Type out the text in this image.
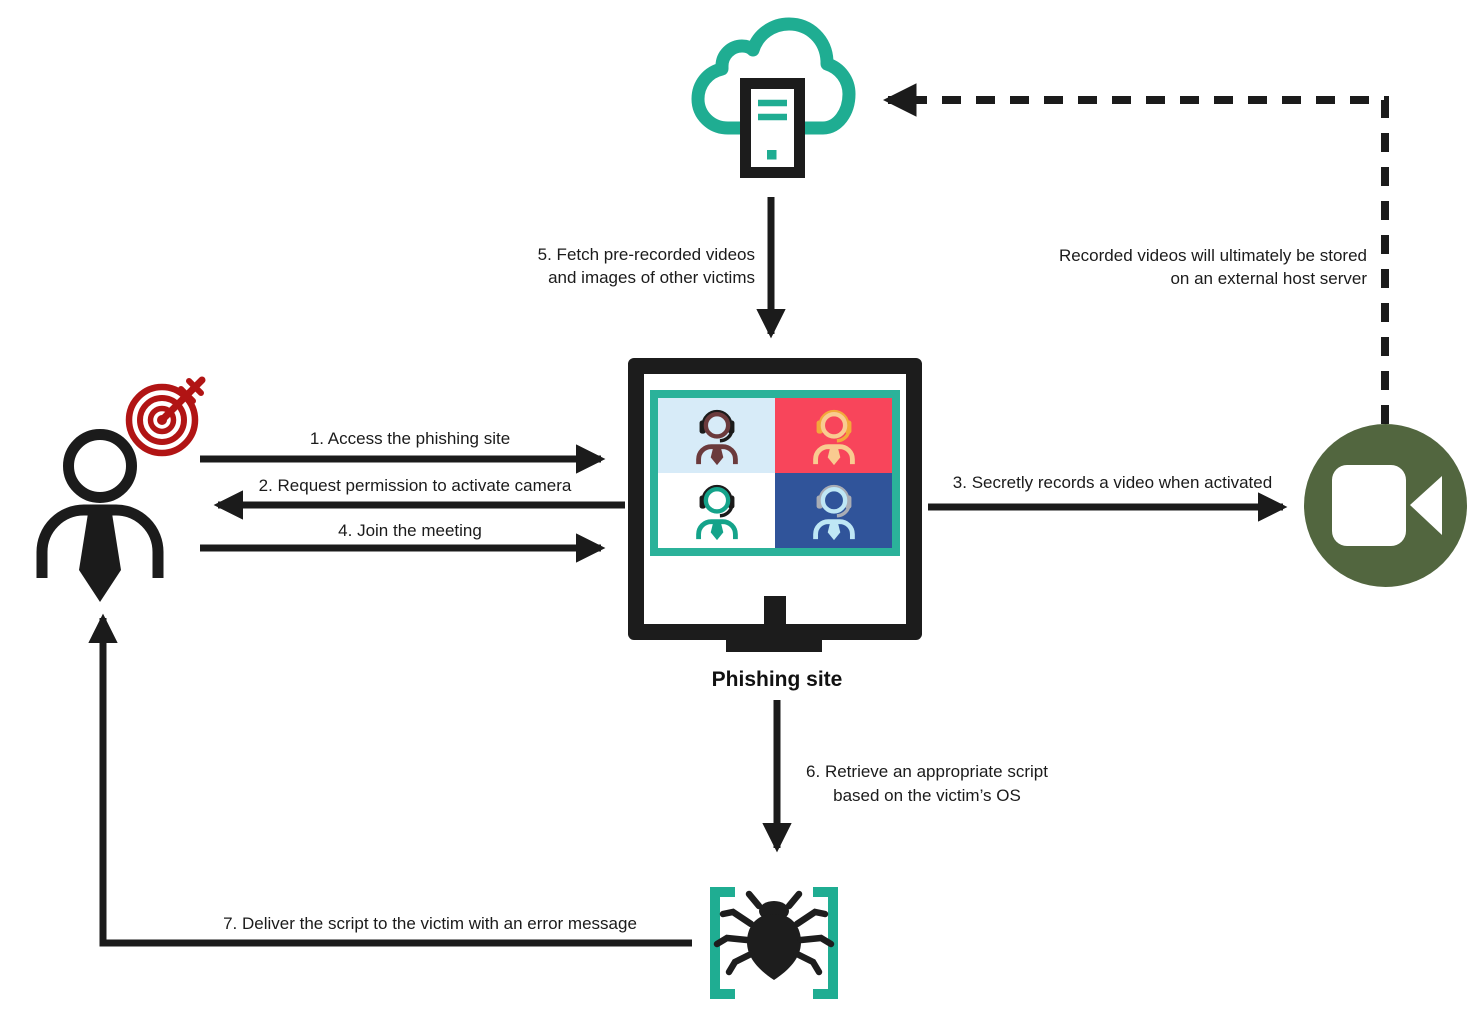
5. Fetch pre-recorded videos
and images of other victims
Recorded videos will ultimately be stored
on an external host server
1. Access the phishing site
2. Request permission to activate camera
4. Join the meeting
3. Secretly records a video when activated
6. Retrieve an appropriate script
based on the victim’s OS
7. Deliver the script to the victim with an error message
Phishing site
